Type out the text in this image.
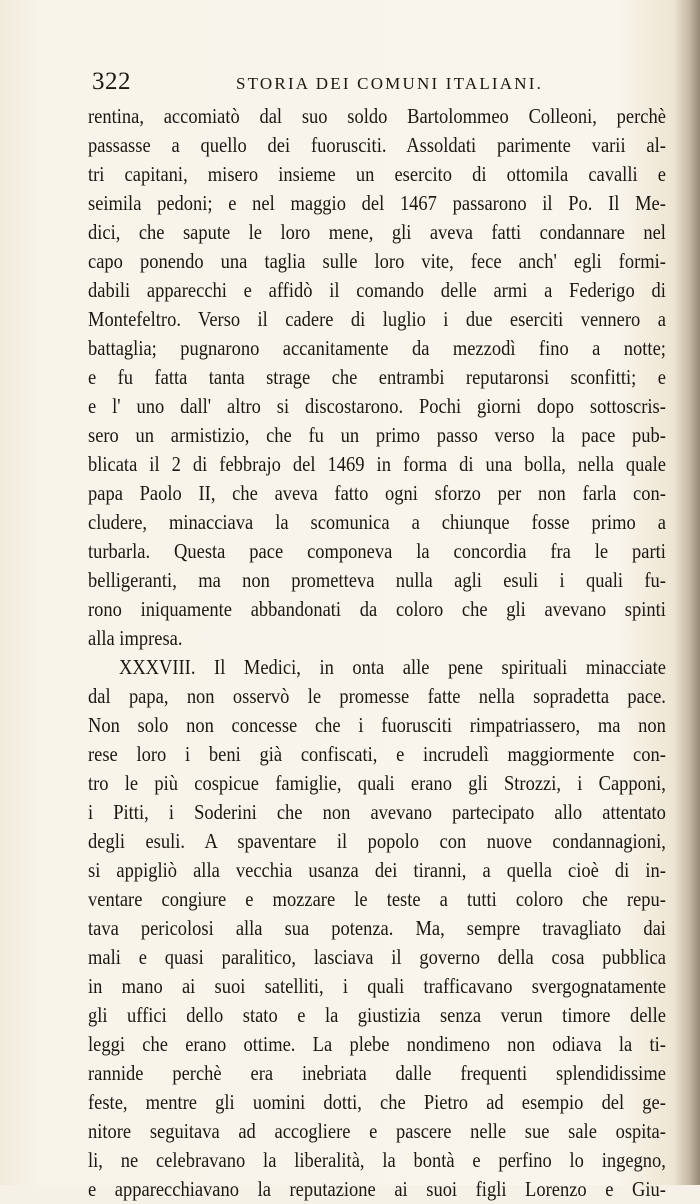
322	STORIA DEI COMUNI ITALIANI.
rentina, accomiatò dal suo soldo Bartolommeo Colleoni, perchè
passasse a quello dei fuorusciti. Assoldati parimente varii al-
tri capitani, misero insieme un esercito di ottomila cavalli e
seimila pedoni; e nel maggio del 1467 passarono il Po. Il Me-
dici, che sapute le loro mene, gli aveva fatti condannare nel
capo ponendo una taglia sulle loro vite, fece anch' egli formi-
dabili apparecchi e affidò il comando delle armi a Federigo di
Montefeltro. Verso il cadere di luglio i due eserciti vennero a
battaglia; pugnarono accanitamente da mezzodì fino a notte;
e fu fatta tanta strage che entrambi reputaronsi sconfitti; e
e l' uno dall' altro si discostarono. Pochi giorni dopo sottoscris-
sero un armistizio, che fu un primo passo verso la pace pub-
blicata il 2 di febbrajo del 1469 in forma di una bolla, nella quale
papa Paolo II, che aveva fatto ogni sforzo per non farla con-
cludere, minacciava la scomunica a chiunque fosse primo a
turbarla. Questa pace componeva la concordia fra le parti
belligeranti, ma non prometteva nulla agli esuli i quali fu-
rono iniquamente abbandonati da coloro che gli avevano spinti
alla impresa.
XXXVIII. Il Medici, in onta alle pene spirituali minacciate
dal papa, non osservò le promesse fatte nella sopradetta pace.
Non solo non concesse che i fuorusciti rimpatriassero, ma non
rese loro i beni già confiscati, e incrudelì maggiormente con-
tro le più cospicue famiglie, quali erano gli Strozzi, i Capponi,
i Pitti, i Soderini che non avevano partecipato allo attentato
degli esuli. A spaventare il popolo con nuove condannagioni,
si appigliò alla vecchia usanza dei tiranni, a quella cioè di in-
ventare congiure e mozzare le teste a tutti coloro che repu-
tava pericolosi alla sua potenza. Ma, sempre travagliato dai
mali e quasi paralitico, lasciava il governo della cosa pubblica
in mano ai suoi satelliti, i quali trafficavano svergognatamente
gli uffici dello stato e la giustizia senza verun timore delle
leggi che erano ottime. La plebe nondimeno non odiava la ti-
rannide perchè era inebriata dalle frequenti splendidissime
feste, mentre gli uomini dotti, che Pietro ad esempio del ge-
nitore seguitava ad accogliere e pascere nelle sue sale ospita-
li, ne celebravano la liberalità, la bontà e perfino lo ingegno,
e apparecchiavano la reputazione ai suoi figli Lorenzo e Giu-
